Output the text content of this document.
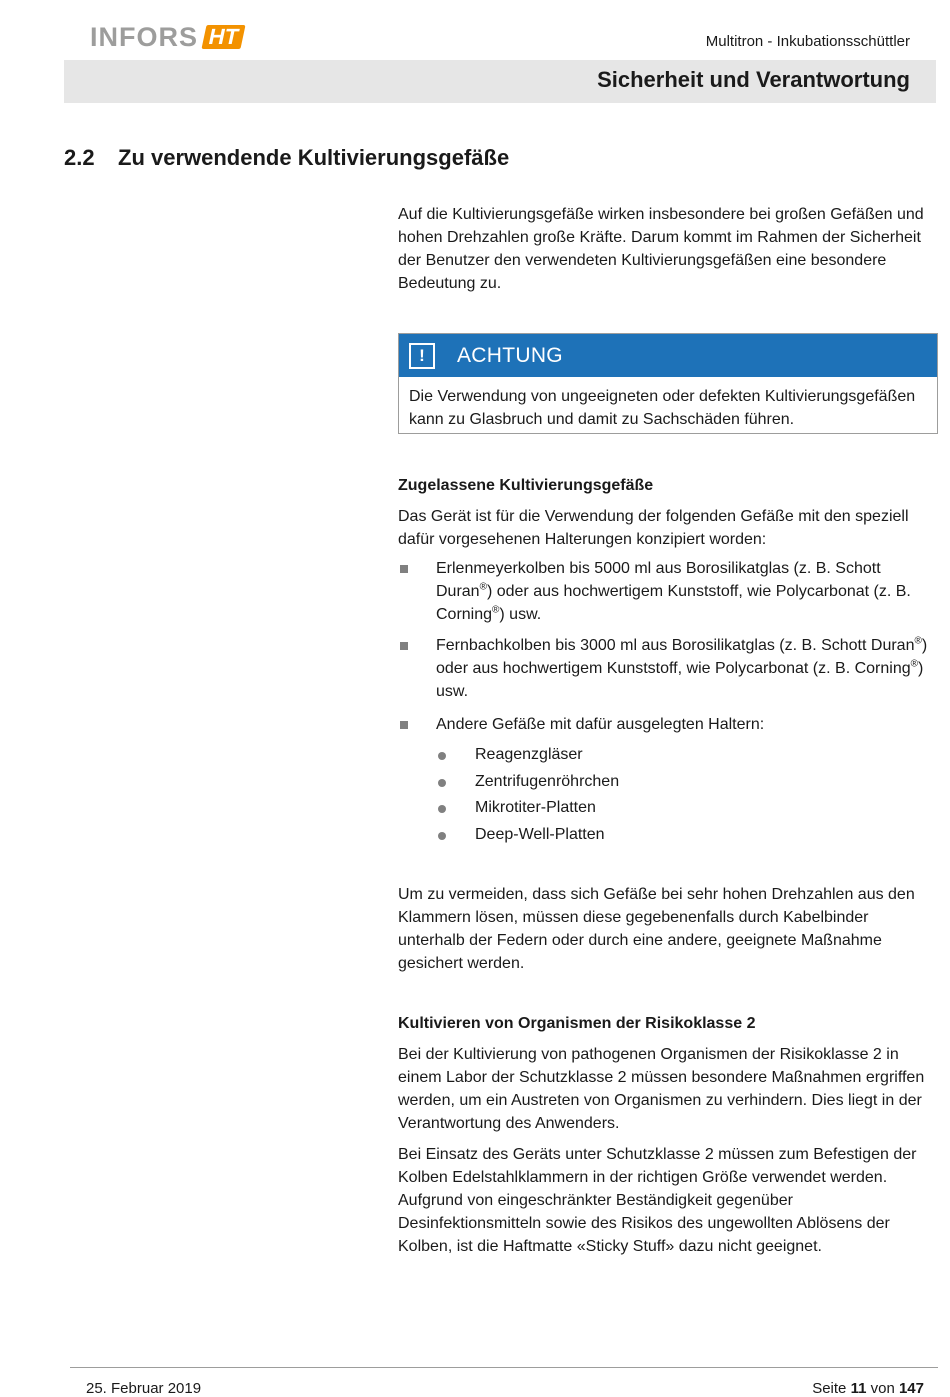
INFORS HT	Multitron - Inkubationsschüttler
Sicherheit und Verantwortung
2.2 Zu verwendende Kultivierungsgefäße

Auf die Kultivierungsgefäße wirken insbesondere bei großen Gefäßen und hohen Drehzahlen große Kräfte. Darum kommt im Rahmen der Sicherheit der Benutzer den verwendeten Kultivierungsgefäßen eine besondere Bedeutung zu.

!	ACHTUNG
Die Verwendung von ungeeigneten oder defekten Kultivierungsgefäßen kann zu Glasbruch und damit zu Sachschäden führen.

Zugelassene Kultivierungsgefäße

Das Gerät ist für die Verwendung der folgenden Gefäße mit den speziell dafür vorgesehenen Halterungen konzipiert worden:

Erlenmeyerkolben bis 5000 ml aus Borosilikatglas (z. B. Schott Duran®) oder aus hochwertigem Kunststoff, wie Polycarbonat (z. B. Corning®) usw.
Fernbachkolben bis 3000 ml aus Borosilikatglas (z. B. Schott Duran®) oder aus hochwertigem Kunststoff, wie Polycarbonat (z. B. Corning®) usw.
Andere Gefäße mit dafür ausgelegten Haltern:
Reagenzgläser
Zentrifugenröhrchen
Mikrotiter-Platten
Deep-Well-Platten

Um zu vermeiden, dass sich Gefäße bei sehr hohen Drehzahlen aus den Klammern lösen, müssen diese gegebenenfalls durch Kabelbinder unterhalb der Federn oder durch eine andere, geeignete Maßnahme gesichert werden.

Kultivieren von Organismen der Risikoklasse 2

Bei der Kultivierung von pathogenen Organismen der Risikoklasse 2 in einem Labor der Schutzklasse 2 müssen besondere Maßnahmen ergriffen werden, um ein Austreten von Organismen zu verhindern. Dies liegt in der Verantwortung des Anwenders.

Bei Einsatz des Geräts unter Schutzklasse 2 müssen zum Befestigen der Kolben Edelstahlklammern in der richtigen Größe verwendet werden. Aufgrund von eingeschränkter Beständigkeit gegenüber Desinfektionsmitteln sowie des Risikos des ungewollten Ablösens der Kolben, ist die Haftmatte «Sticky Stuff» dazu nicht geeignet.

25. Februar 2019	Seite 11 von 147
